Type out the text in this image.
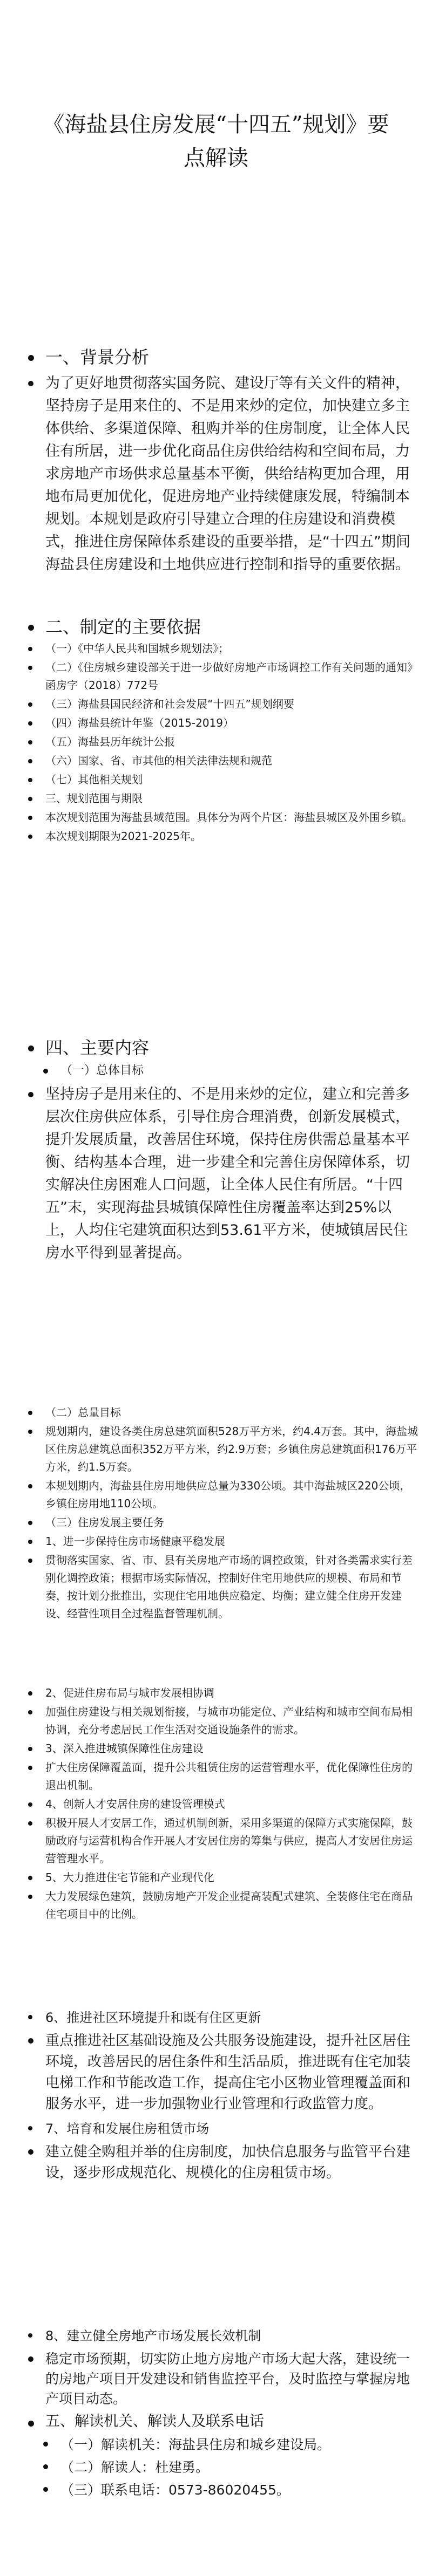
《海盐县住房发展“十四五”规划》要点解读
一、背景分析

为了更好地贯彻落实国务院、建设厅等有关文件的精神，坚持房子是用来住的、不是用来炒的定位，加快建立多主体供给、多渠道保障、租购并举的住房制度，让全体人民住有所居，进一步优化商品住房供给结构和空间布局，力求房地产市场供求总量基本平衡，供给结构更加合理，用地布局更加优化，促进房地产业持续健康发展，特编制本规划。本规划是政府引导建立合理的住房建设和消费模式，推进住房保障体系建设的重要举措，是“十四五”期间海盐县住房建设和土地供应进行控制和指导的重要依据。

二、制定的主要依据

（一）《中华人民共和国城乡规划法》；

（二）《住房城乡建设部关于进一步做好房地产市场调控工作有关问题的通知》函房字（2018）772号

（三）海盐县国民经济和社会发展“十四五”规划纲要

（四）海盐县统计年鉴（2015-2019）

（五）海盐县历年统计公报

（六）国家、省、市其他的相关法律法规和规范

（七）其他相关规划

三、规划范围与期限

本次规划范围为海盐县域范围。具体分为两个片区：海盐县城区及外围乡镇。

本次规划期限为2021-2025年。

四、主要内容

（一）总体目标

坚持房子是用来住的、不是用来炒的定位，建立和完善多层次住房供应体系，引导住房合理消费，创新发展模式，提升发展质量，改善居住环境，保持住房供需总量基本平衡、结构基本合理，进一步建全和完善住房保障体系，切实解决住房困难人口问题，让全体人民住有所居。“十四五”末，实现海盐县城镇保障性住房覆盖率达到25%以上，人均住宅建筑面积达到53.61平方米，使城镇居民住房水平得到显著提高。

（二）总量目标

规划期内，建设各类住房总建筑面积528万平方米，约4.4万套。其中，海盐城区住房总建筑总面积352万平方米，约2.9万套；乡镇住房总建筑面积176万平方米，约1.5万套。

本规划期内，海盐县住房用地供应总量为330公顷。其中海盐城区220公顷，乡镇住房用地110公顷。

（三）住房发展主要任务

1、进一步保持住房市场健康平稳发展

贯彻落实国家、省、市、县有关房地产市场的调控政策，针对各类需求实行差别化调控政策；根据市场实际情况，控制好住宅用地供应的规模、布局和节奏，按计划分批推出，实现住宅用地供应稳定、均衡；建立健全住房开发建设、经营性项目全过程监督管理机制。

2、促进住房布局与城市发展相协调

加强住房建设与相关规划衔接，与城市功能定位、产业结构和城市空间布局相协调，充分考虑居民工作生活对交通设施条件的需求。

3、深入推进城镇保障性住房建设

扩大住房保障覆盖面，提升公共租赁住房的运营管理水平，优化保障性住房的退出机制。

4、创新人才安居住房的建设管理模式

积极开展人才安居工作，通过机制创新，采用多渠道的保障方式实施保障，鼓励政府与运营机构合作开展人才安居住房的筹集与供应，提高人才安居住房运营管理水平。

5、大力推进住宅节能和产业现代化

大力发展绿色建筑，鼓励房地产开发企业提高装配式建筑、全装修住宅在商品住宅项目中的比例。

6、推进社区环境提升和既有住区更新

重点推进社区基础设施及公共服务设施建设，提升社区居住环境，改善居民的居住条件和生活品质，推进既有住宅加装电梯工作和节能改造工作，提高住宅小区物业管理覆盖面和服务水平，进一步加强物业行业管理和行政监管力度。

7、培育和发展住房租赁市场

建立健全购租并举的住房制度，加快信息服务与监管平台建设，逐步形成规范化、规模化的住房租赁市场。

8、建立健全房地产市场发展长效机制

稳定市场预期，切实防止地方房地产市场大起大落，建设统一的房地产项目开发建设和销售监控平台，及时监控与掌握房地产项目动态。

五、解读机关、解读人及联系电话

（一）解读机关：海盐县住房和城乡建设局。

（二）解读人：杜建勇。

（三）联系电话：0573-86020455。
